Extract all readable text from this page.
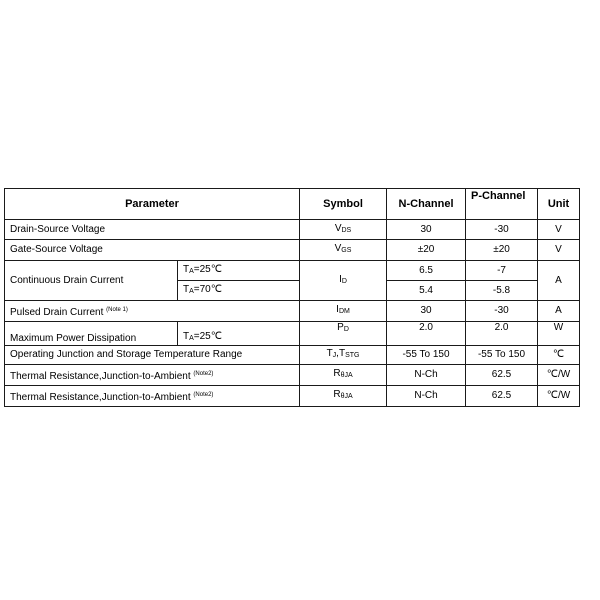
Parameter		Symbol	N-Channel	P-Channel	Unit
Drain-Source Voltage		VDS	30	-30	V
Gate-Source Voltage		VGS	±20	±20	V
Continuous Drain Current	TA=25℃	ID	6.5	-7	A
	TA=70℃		5.4	-5.8	
Pulsed Drain Current $^{(Note 1)}$		IDM	30	-30	A
Maximum Power Dissipation	TA=25℃	PD	2.0	2.0	W
Operating Junction and Storage Temperature Range		TJ,TSTG	-55 To 150	-55 To 150	℃
Thermal Resistance,Junction-to-Ambient $^{(Note2)}$		RθJA	N-Ch	62.5	℃/W
Thermal Resistance,Junction-to-Ambient $^{(Note2)}$		RθJA	N-Ch	62.5	℃/W
